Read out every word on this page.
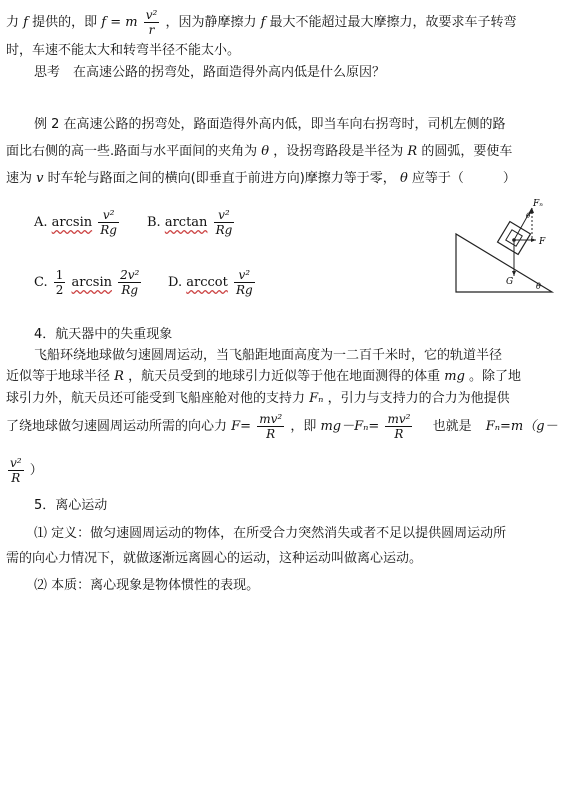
力 f 提供的，即 f = m $\frac{\text{v²}}{r}$ ，因为静摩擦力 f 最大不能超过最大摩擦力，故要求车子转弯
时，车速不能太大和转弯半径不能太小。
思考　在高速公路的拐弯处，路面造得外高内低是什么原因？
例 2 在高速公路的拐弯处，路面造得外高内低，即当车向右拐弯时，司机左侧的路
面比右侧的高一些.路面与水平面间的夹角为 θ ，设拐弯路段是半径为 R 的圆弧，要使车
速为 v 时车轮与路面之间的横向(即垂直于前进方向)摩擦力等于零， θ 应等于（　　　）
A. $\arcsin \frac{\text{v²}}{Rg} B$. $\arctan \frac{\text{v²}}{Rg}$
C. $\frac{1}{2}$ $\arcsin \frac{\text{2v²}}{Rg} D$. arccot $\frac{\text{v²}}{Rg}$
Fₙ
F
G	θ
θ
4．航天器中的失重现象
飞船环绕地球做匀速圆周运动，当飞船距地面高度为一二百千米时，它的轨道半径
近似等于地球半径 R ，航天员受到的地球引力近似等于他在地面测得的体重 mg 。除了地
球引力外，航天员还可能受到飞船座舱对他的支持力 Fₙ ，引力与支持力的合力为他提供
了绕地球做匀速圆周运动所需的向心力 $F= \frac{\text{mv²}}{R}$ ，即 $mg-F_n= \frac{\text{mv²}}{R}$ 也就是 Fₙ=m（g－
$\frac{\text{v²}}{R}$ ）
5．离心运动
⑴ 定义：做匀速圆周运动的物体，在所受合力突然消失或者不足以提供圆周运动所
需的向心力情况下，就做逐渐远离圆心的运动，这种运动叫做离心运动。
⑵ 本质：离心现象是物体惯性的表现。
